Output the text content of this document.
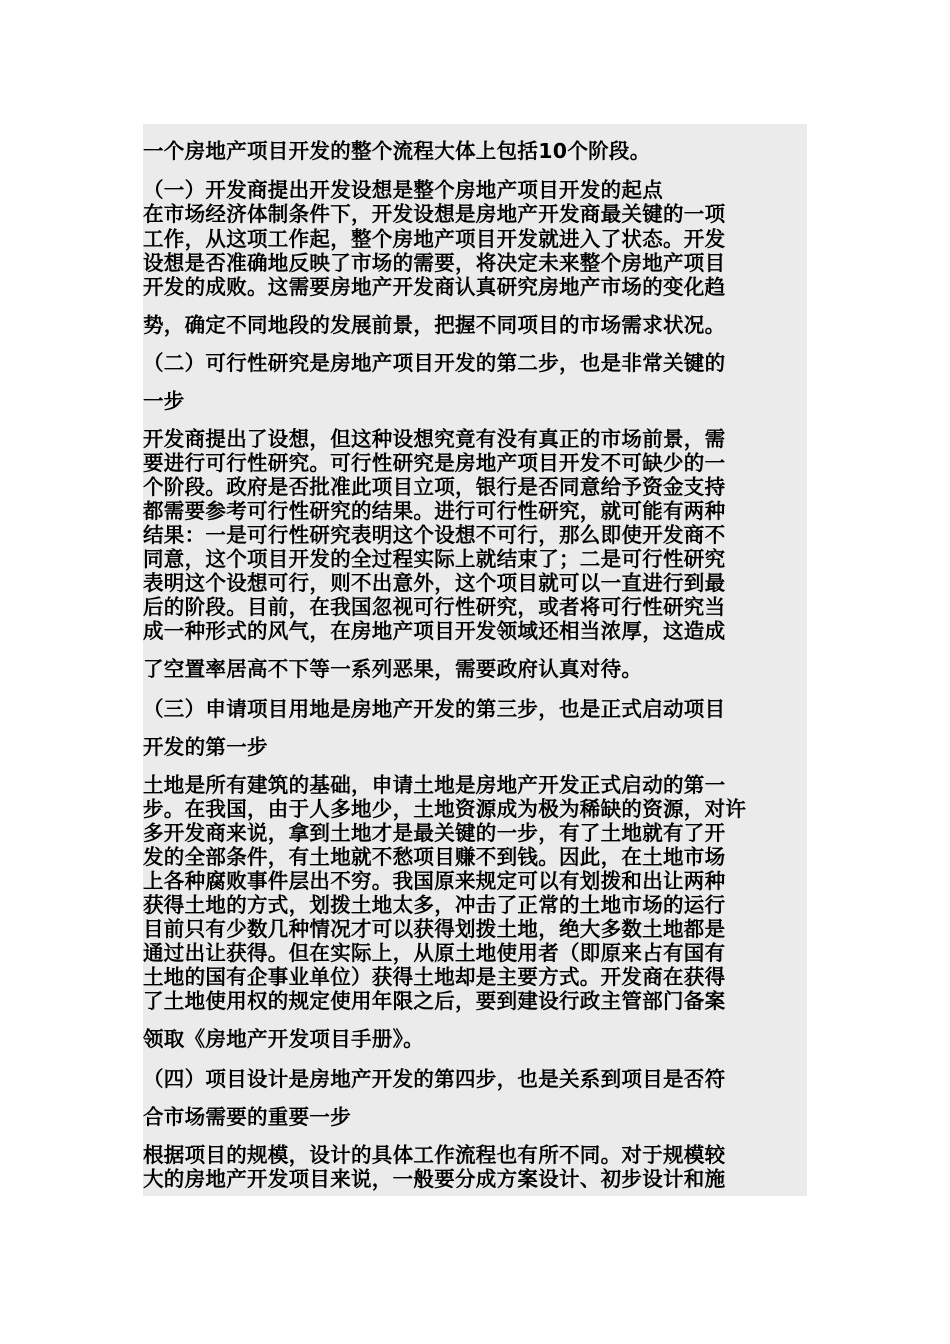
一个房地产项目开发的整个流程大体上包括10个阶段。
（一）开发商提出开发设想是整个房地产项目开发的起点
在市场经济体制条件下，开发设想是房地产开发商最关键的一项
工作，从这项工作起，整个房地产项目开发就进入了状态。开发
设想是否准确地反映了市场的需要，将决定未来整个房地产项目
开发的成败。这需要房地产开发商认真研究房地产市场的变化趋
势，确定不同地段的发展前景，把握不同项目的市场需求状况。
（二）可行性研究是房地产项目开发的第二步，也是非常关键的
一步
开发商提出了设想，但这种设想究竟有没有真正的市场前景，需
要进行可行性研究。可行性研究是房地产项目开发不可缺少的一
个阶段。政府是否批准此项目立项，银行是否同意给予资金支持
都需要参考可行性研究的结果。进行可行性研究，就可能有两种
结果：一是可行性研究表明这个设想不可行，那么即使开发商不
同意，这个项目开发的全过程实际上就结束了；二是可行性研究
表明这个设想可行，则不出意外，这个项目就可以一直进行到最
后的阶段。目前，在我国忽视可行性研究，或者将可行性研究当
成一种形式的风气，在房地产项目开发领域还相当浓厚，这造成
了空置率居高不下等一系列恶果，需要政府认真对待。
（三）申请项目用地是房地产开发的第三步，也是正式启动项目
开发的第一步
土地是所有建筑的基础，申请土地是房地产开发正式启动的第一
步。在我国，由于人多地少，土地资源成为极为稀缺的资源，对许
多开发商来说，拿到土地才是最关键的一步，有了土地就有了开
发的全部条件，有土地就不愁项目赚不到钱。因此，在土地市场
上各种腐败事件层出不穷。我国原来规定可以有划拨和出让两种
获得土地的方式，划拨土地太多，冲击了正常的土地市场的运行
目前只有少数几种情况才可以获得划拨土地，绝大多数土地都是
通过出让获得。但在实际上，从原土地使用者（即原来占有国有
土地的国有企事业单位）获得土地却是主要方式。开发商在获得
了土地使用权的规定使用年限之后，要到建设行政主管部门备案
领取《房地产开发项目手册》。
（四）项目设计是房地产开发的第四步，也是关系到项目是否符
合市场需要的重要一步
根据项目的规模，设计的具体工作流程也有所不同。对于规模较
大的房地产开发项目来说，一般要分成方案设计、初步设计和施
